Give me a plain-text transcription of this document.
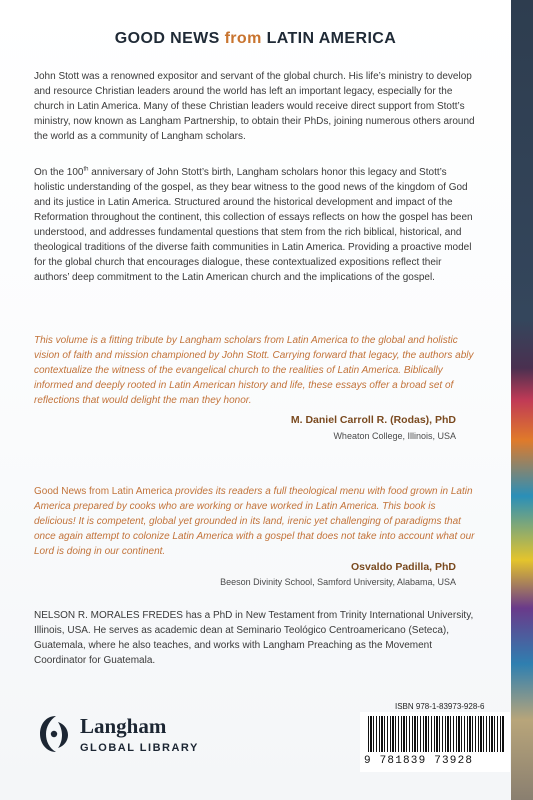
GOOD NEWS from LATIN AMERICA

John Stott was a renowned expositor and servant of the global church. His life’s ministry to develop and resource Christian leaders around the world has left an important legacy, especially for the church in Latin America. Many of these Christian leaders would receive direct support from Stott’s ministry, now known as Langham Partnership, to obtain their PhDs, joining numerous others around the world as a community of Langham scholars.

On the 100th anniversary of John Stott’s birth, Langham scholars honor this legacy and Stott’s holistic understanding of the gospel, as they bear witness to the good news of the kingdom of God and its justice in Latin America. Structured around the historical development and impact of the Reformation throughout the continent, this collection of essays reflects on how the gospel has been understood, and addresses fundamental questions that stem from the rich biblical, historical, and theological traditions of the diverse faith communities in Latin America. Providing a proactive model for the global church that encourages dialogue, these contextualized expositions reflect their authors’ deep commitment to the Latin American church and the implications of the gospel.

This volume is a fitting tribute by Langham scholars from Latin America to the global and holistic vision of faith and mission championed by John Stott. Carrying forward that legacy, the authors ably contextualize the witness of the evangelical church to the realities of Latin America. Biblically informed and deeply rooted in Latin American history and life, these essays offer a broad set of reflections that would delight the man they honor.

M. Daniel Carroll R. (Rodas), PhD
Wheaton College, Illinois, USA

Good News from Latin America provides its readers a full theological menu with food grown in Latin America prepared by cooks who are working or have worked in Latin America. This book is delicious! It is competent, global yet grounded in its land, irenic yet challenging of paradigms that once again attempt to colonize Latin America with a gospel that does not take into account what our Lord is doing in our continent.

Osvaldo Padilla, PhD
Beeson Divinity School, Samford University, Alabama, USA

NELSON R. MORALES FREDES has a PhD in New Testament from Trinity International University, Illinois, USA. He serves as academic dean at Seminario Teológico Centroamericano (Seteca), Guatemala, where he also teaches, and works with Langham Preaching as the Movement Coordinator for Guatemala.

Langham
GLOBAL LIBRARY
9 781839 73928
ISBN 978-1-83973-928-6
